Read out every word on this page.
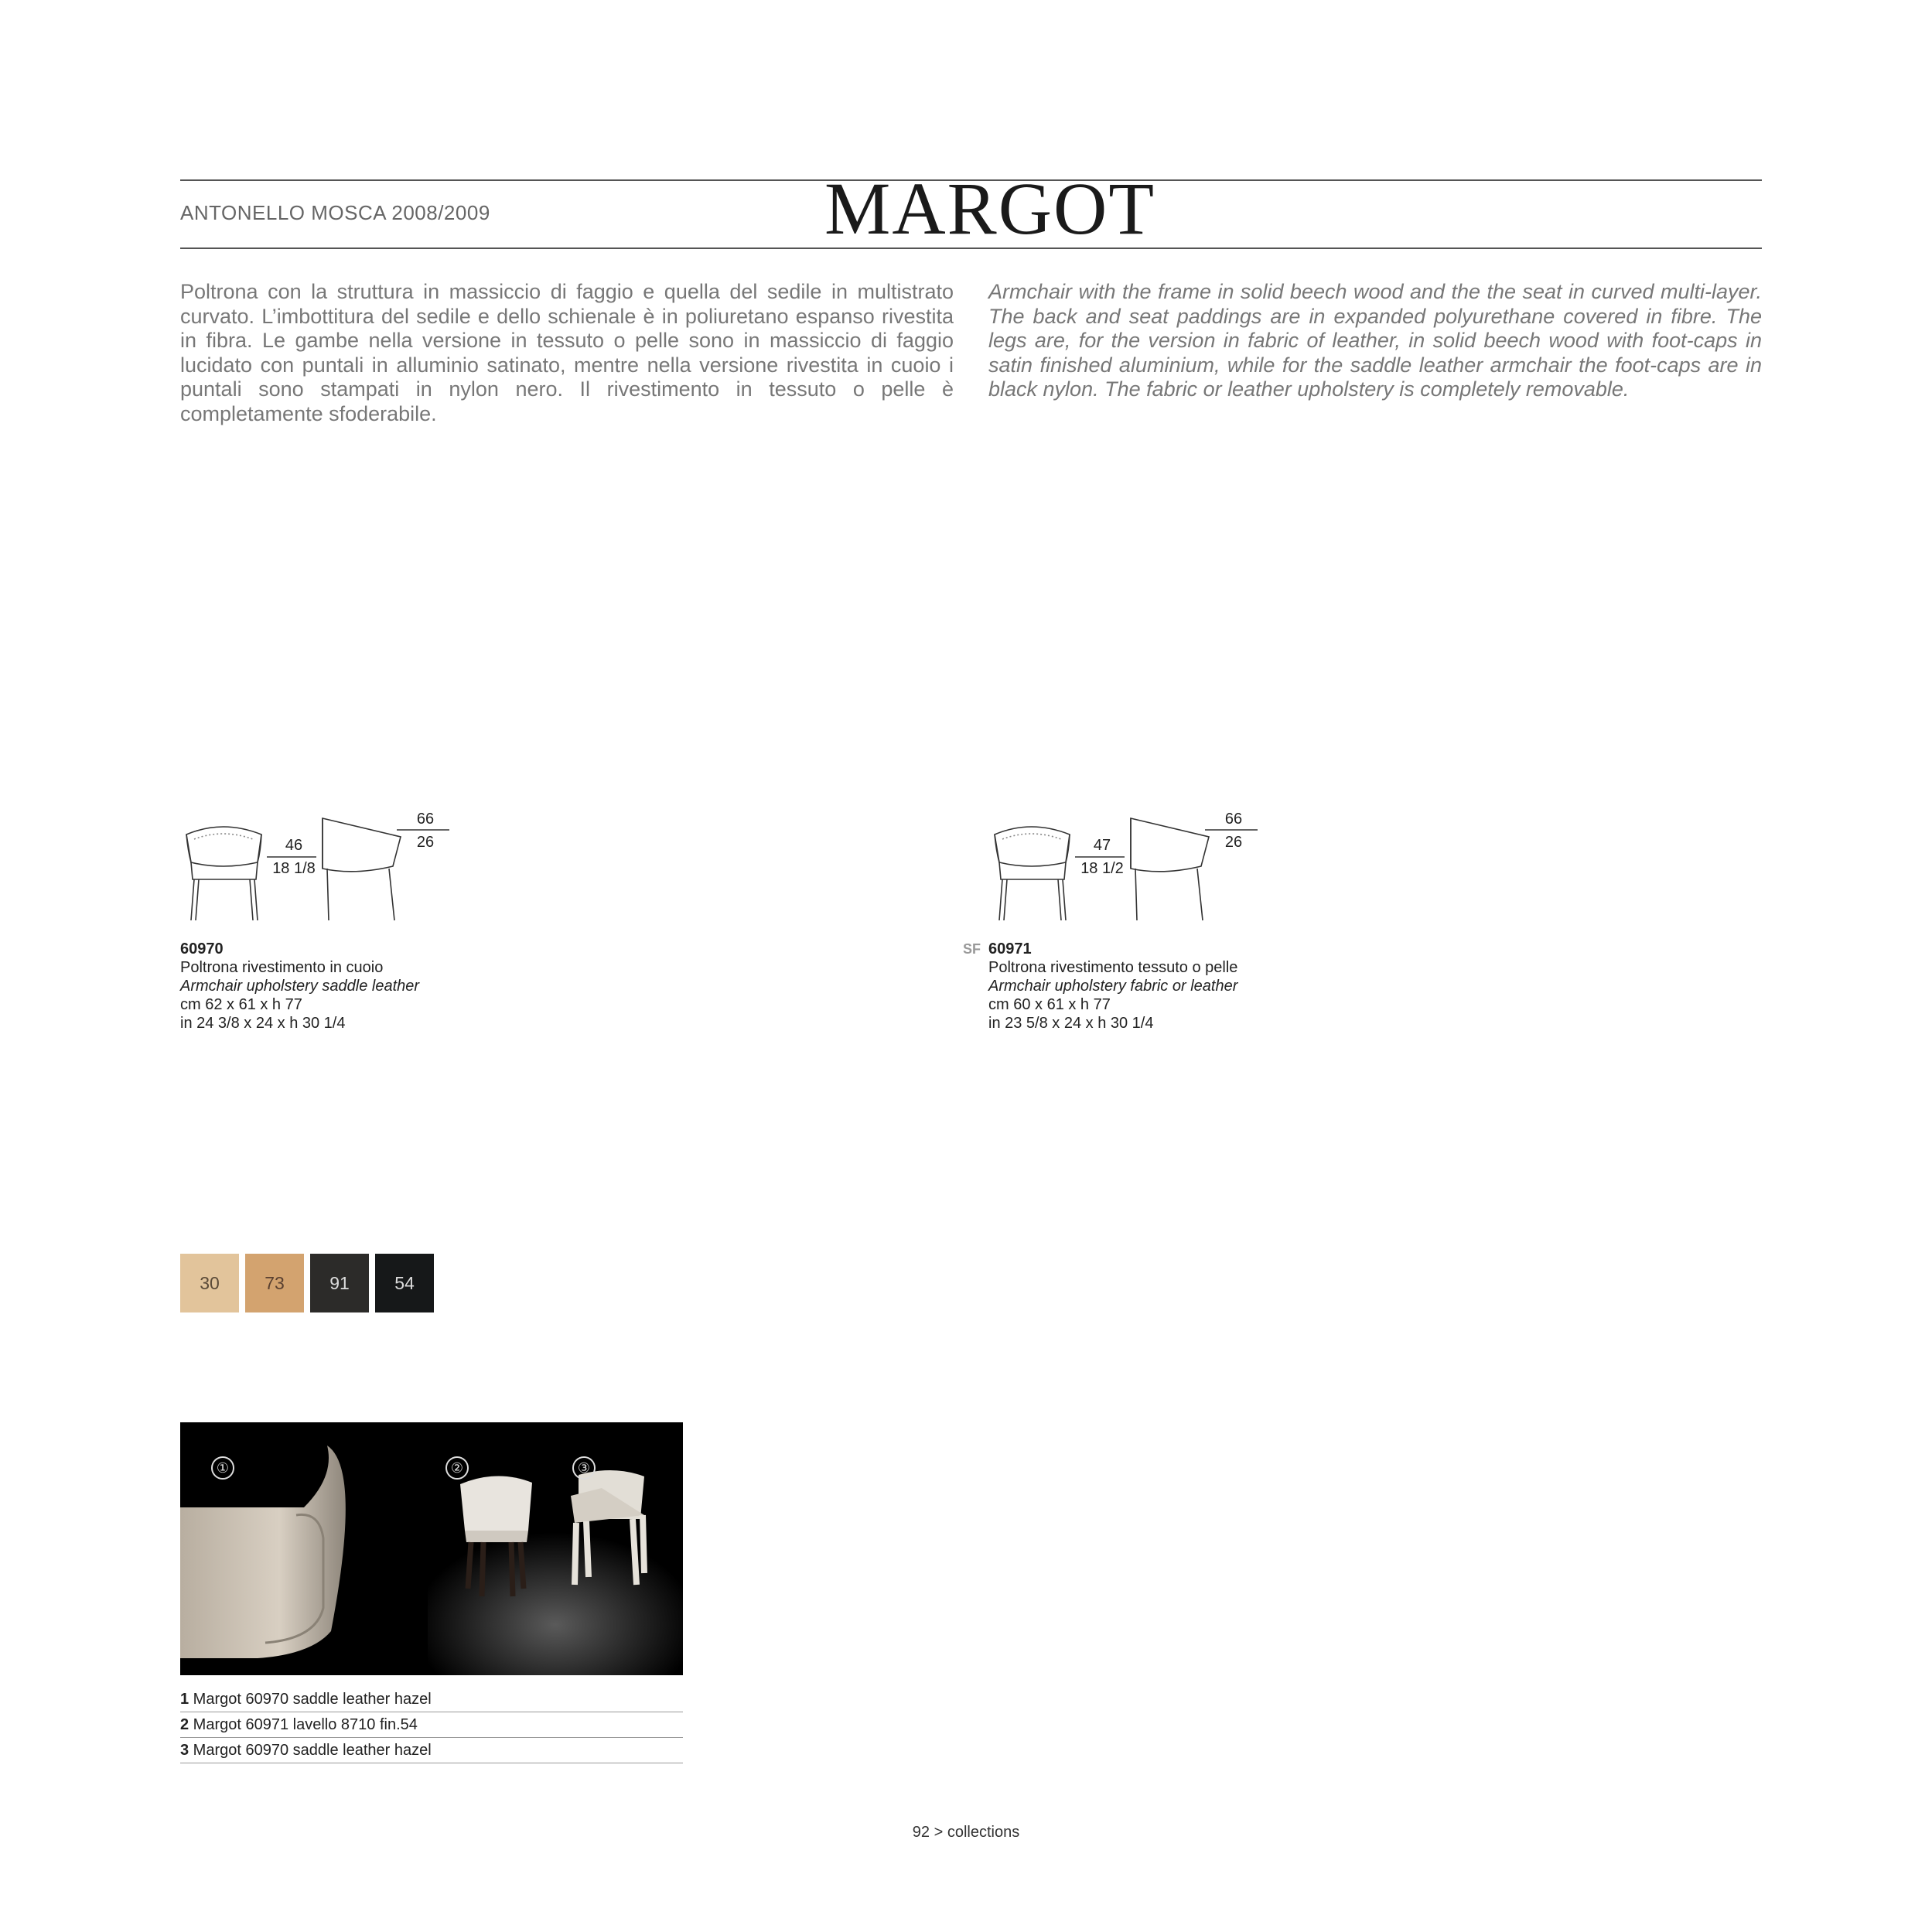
ANTONELLO MOSCA 2008/2009	MARGOT
Poltrona con la struttura in massiccio di faggio e quella del sedile in multistrato curvato. L’imbottitura del sedile e dello schienale è in poliuretano espanso rivestita in fibra. Le gambe nella versione in tessuto o pelle sono in massiccio di faggio lucidato con puntali in alluminio satinato, mentre nella versione rivestita in cuoio i puntali sono stampati in nylon nero. Il rivestimento in tessuto o pelle è completamente sfoderabile.
Armchair with the frame in solid beech wood and the the seat in curved multi-layer. The back and seat paddings are in expanded polyurethane covered in fibre. The legs are, for the version in fabric of leather, in solid beech wood with foot-caps in satin finished aluminium, while for the saddle leather armchair the foot-caps are in black nylon. The fabric or leather upholstery is completely removable.
46
18 1/8
66
26
60970
Poltrona rivestimento in cuoio
Armchair upholstery saddle leather
cm 62 x 61 x h 77
in 24 3/8 x 24 x h 30 1/4
47
18 1/2
66
26
SF 60971
Poltrona rivestimento tessuto o pelle
Armchair upholstery fabric or leather
cm 60 x 61 x h 77
in 23 5/8 x 24 x h 30 1/4
30	73	91	54
①	②	③
1 Margot 60970 saddle leather hazel
2 Margot 60971 lavello 8710 fin.54
3 Margot 60970 saddle leather hazel
92 > collections
